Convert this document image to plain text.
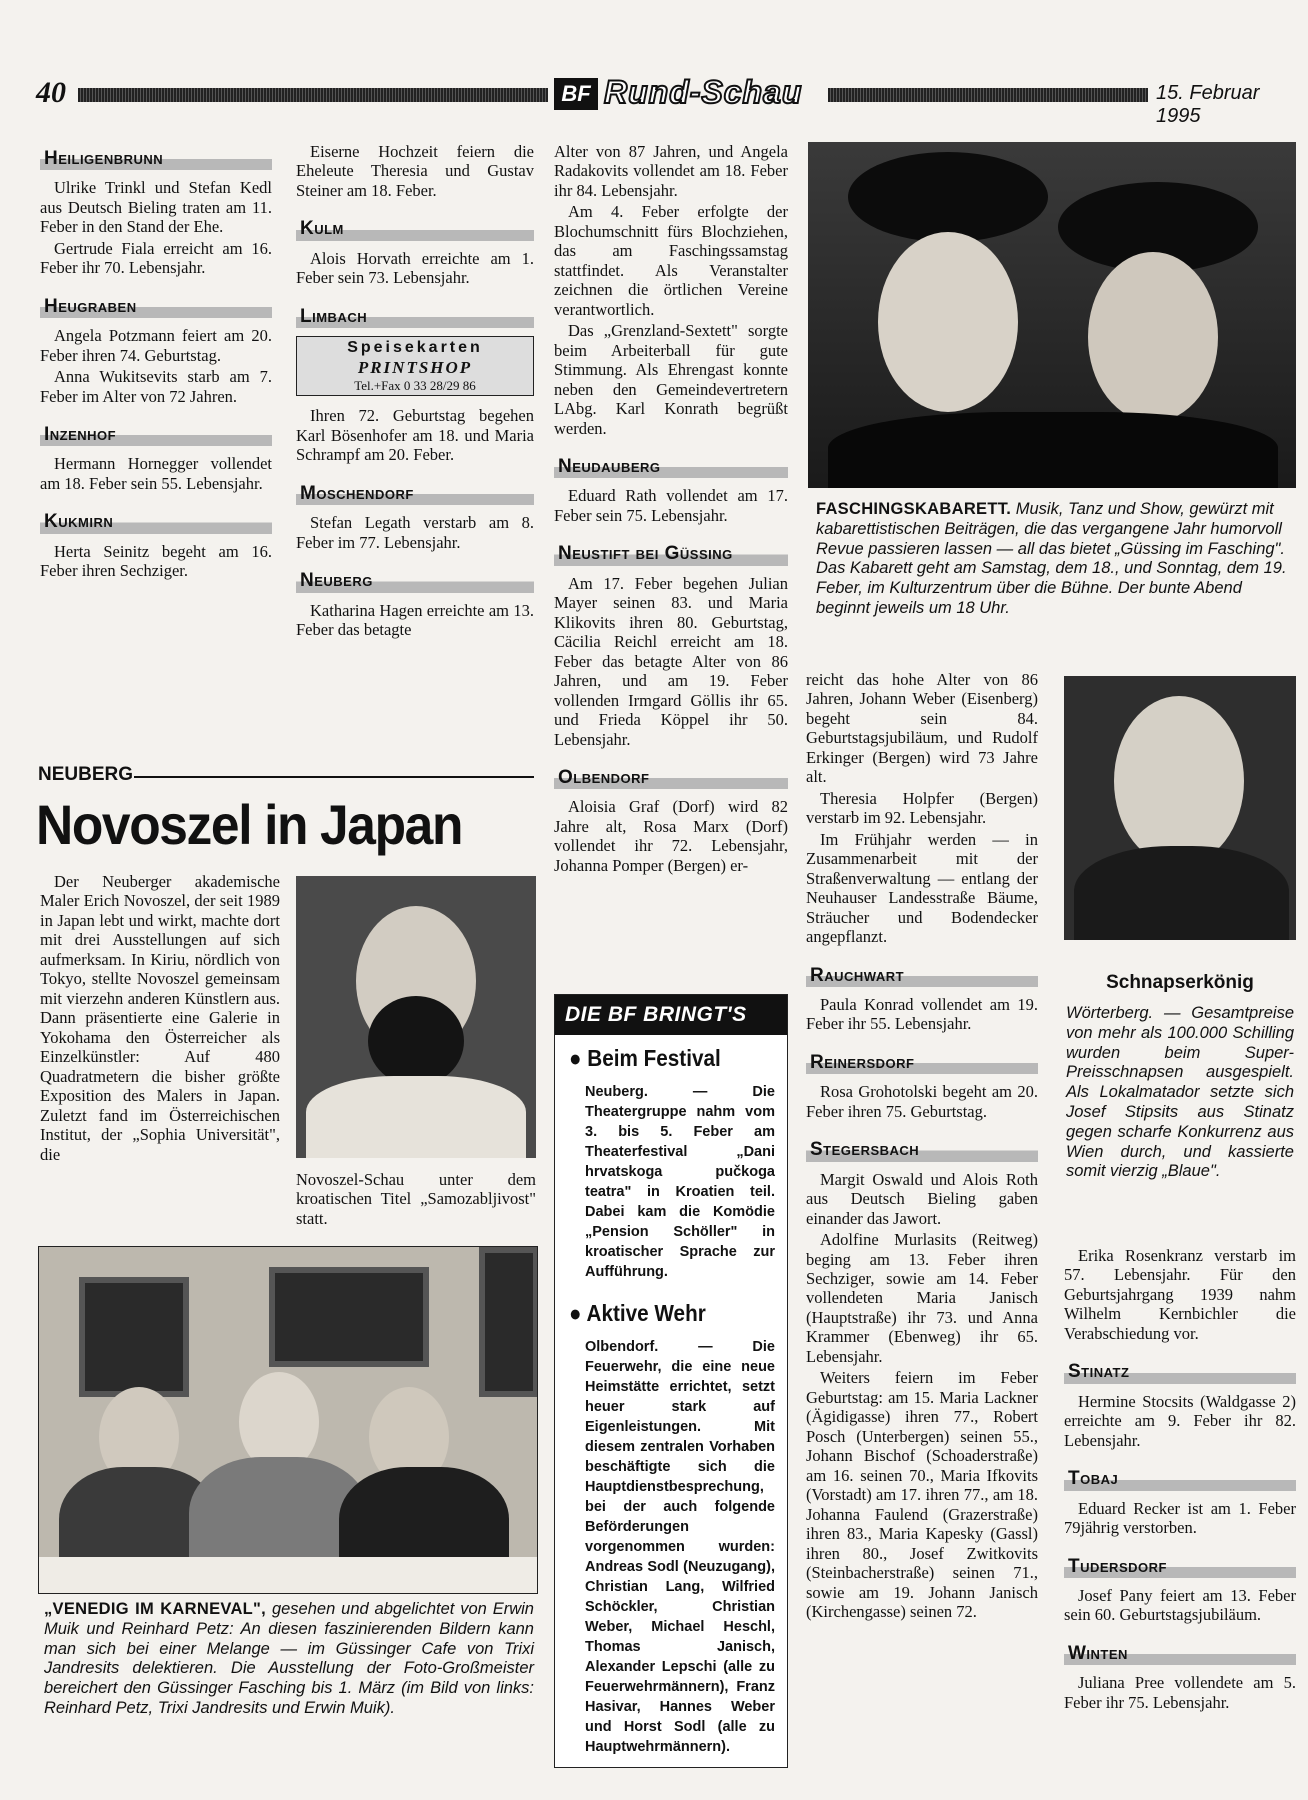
40	BF Rund-Schau	15. Februar 1995
Heiligenbrunn

Ulrike Trinkl und Stefan Kedl aus Deutsch Bieling traten am 11. Feber in den Stand der Ehe.

Gertrude Fiala erreicht am 16. Feber ihr 70. Lebensjahr.

Heugraben

Angela Potzmann feiert am 20. Feber ihren 74. Geburtstag.

Anna Wukitsevits starb am 7. Feber im Alter von 72 Jahren.

Inzenhof

Hermann Hornegger vollendet am 18. Feber sein 55. Lebensjahr.

Kukmirn

Herta Seinitz begeht am 16. Feber ihren Sechziger.

Eiserne Hochzeit feiern die Eheleute Theresia und Gustav Steiner am 18. Feber.

Kulm

Alois Horvath erreichte am 1. Feber sein 73. Lebensjahr.

Limbach
Speisekarten
PRINTSHOP
Tel.+Fax 0 33 28/29 86

Ihren 72. Geburtstag begehen Karl Bösenhofer am 18. und Maria Schrampf am 20. Feber.

Moschendorf

Stefan Legath verstarb am 8. Feber im 77. Lebensjahr.

Neuberg

Katharina Hagen erreichte am 13. Feber das betagte

Alter von 87 Jahren, und Angela Radakovits vollendet am 18. Feber ihr 84. Lebensjahr.

Am 4. Feber erfolgte der Blochumschnitt fürs Blochziehen, das am Faschingssamstag stattfindet. Als Veranstalter zeichnen die örtlichen Vereine verantwortlich.

Das „Grenzland-Sextett" sorgte beim Arbeiterball für gute Stimmung. Als Ehrengast konnte neben den Gemeindevertretern LAbg. Karl Konrath begrüßt werden.

Neudauberg

Eduard Rath vollendet am 17. Feber sein 75. Lebensjahr.

Neustift bei Güssing

Am 17. Feber begehen Julian Mayer seinen 83. und Maria Klikovits ihren 80. Geburtstag, Cäcilia Reichl erreicht am 18. Feber das betagte Alter von 86 Jahren, und am 19. Feber vollenden Irmgard Göllis ihr 65. und Frieda Köppel ihr 50. Lebensjahr.

Olbendorf

Aloisia Graf (Dorf) wird 82 Jahre alt, Rosa Marx (Dorf) vollendet ihr 72. Lebensjahr, Johanna Pomper (Bergen) er-

FASCHINGSKABARETT. Musik, Tanz und Show, gewürzt mit kabarettistischen Beiträgen, die das vergangene Jahr humorvoll Revue passieren lassen — all das bietet „Güssing im Fasching". Das Kabarett geht am Samstag, dem 18., und Sonntag, dem 19. Feber, im Kulturzentrum über die Bühne. Der bunte Abend beginnt jeweils um 18 Uhr.

reicht das hohe Alter von 86 Jahren, Johann Weber (Eisenberg) begeht sein 84. Geburtstagsjubiläum, und Rudolf Erkinger (Bergen) wird 73 Jahre alt.

Theresia Holpfer (Bergen) verstarb im 92. Lebensjahr.

Im Frühjahr werden — in Zusammenarbeit mit der Straßenverwaltung — entlang der Neuhauser Landesstraße Bäume, Sträucher und Bodendecker angepflanzt.

Rauchwart

Paula Konrad vollendet am 19. Feber ihr 55. Lebensjahr.

Reinersdorf

Rosa Grohotolski begeht am 20. Feber ihren 75. Geburtstag.

Stegersbach

Margit Oswald und Alois Roth aus Deutsch Bieling gaben einander das Jawort.

Adolfine Murlasits (Reitweg) beging am 13. Feber ihren Sechziger, sowie am 14. Feber vollendeten Maria Janisch (Hauptstraße) ihr 73. und Anna Krammer (Ebenweg) ihr 65. Lebensjahr.

Weiters feiern im Feber Geburtstag: am 15. Maria Lackner (Ägidigasse) ihren 77., Robert Posch (Unterbergen) seinen 55., Johann Bischof (Schoaderstraße) am 16. seinen 70., Maria Ifkovits (Vorstadt) am 17. ihren 77., am 18. Johanna Faulend (Grazerstraße) ihren 83., Maria Kapesky (Gassl) ihren 80., Josef Zwitkovits (Steinbacherstraße) seinen 71., sowie am 19. Johann Janisch (Kirchengasse) seinen 72.

Schnapserkönig
Wörterberg. — Gesamtpreise von mehr als 100.000 Schilling wurden beim Super-Preisschnapsen ausgespielt. Als Lokalmatador setzte sich Josef Stipsits aus Stinatz gegen scharfe Konkurrenz aus Wien durch, und kassierte somit vierzig „Blaue".

Erika Rosenkranz verstarb im 57. Lebensjahr. Für den Geburtsjahrgang 1939 nahm Wilhelm Kernbichler die Verabschiedung vor.

Stinatz

Hermine Stocsits (Waldgasse 2) erreichte am 9. Feber ihr 82. Lebensjahr.

Tobaj

Eduard Recker ist am 1. Feber 79jährig verstorben.

Tudersdorf

Josef Pany feiert am 13. Feber sein 60. Geburtstagsjubiläum.

Winten

Juliana Pree vollendete am 5. Feber ihr 75. Lebensjahr.

NEUBERG
Novoszel in Japan

Der Neuberger akademische Maler Erich Novoszel, der seit 1989 in Japan lebt und wirkt, machte dort mit drei Ausstellungen auf sich aufmerksam. In Kiriu, nördlich von Tokyo, stellte Novoszel gemeinsam mit vierzehn anderen Künstlern aus. Dann präsentierte eine Galerie in Yokohama den Österreicher als Einzelkünstler: Auf 480 Quadratmetern die bisher größte Exposition des Malers in Japan. Zuletzt fand im Österreichischen Institut, der „Sophia Universität", die

Novoszel-Schau unter dem kroatischen Titel „Samozabljivost" statt.

„VENEDIG IM KARNEVAL", gesehen und abgelichtet von Erwin Muik und Reinhard Petz: An diesen faszinierenden Bildern kann man sich bei einer Melange — im Güssinger Cafe von Trixi Jandresits delektieren. Die Ausstellung der Foto-Großmeister bereichert den Güssinger Fasching bis 1. März (im Bild von links: Reinhard Petz, Trixi Jandresits und Erwin Muik).
DIE BF BRINGT'S
● Beim Festival
Neuberg. — Die Theatergruppe nahm vom 3. bis 5. Feber am Theaterfestival „Dani hrvatskoga pučkoga teatra" in Kroatien teil. Dabei kam die Komödie „Pension Schöller" in kroatischer Sprache zur Aufführung.
● Aktive Wehr
Olbendorf. — Die Feuerwehr, die eine neue Heimstätte errichtet, setzt heuer stark auf Eigenleistungen. Mit diesem zentralen Vorhaben beschäftigte sich die Hauptdienstbesprechung, bei der auch folgende Beförderungen vorgenommen wurden: Andreas Sodl (Neuzugang), Christian Lang, Wilfried Schöckler, Christian Weber, Michael Heschl, Thomas Janisch, Alexander Lepschi (alle zu Feuerwehrmännern), Franz Hasivar, Hannes Weber und Horst Sodl (alle zu Hauptwehrmännern).
